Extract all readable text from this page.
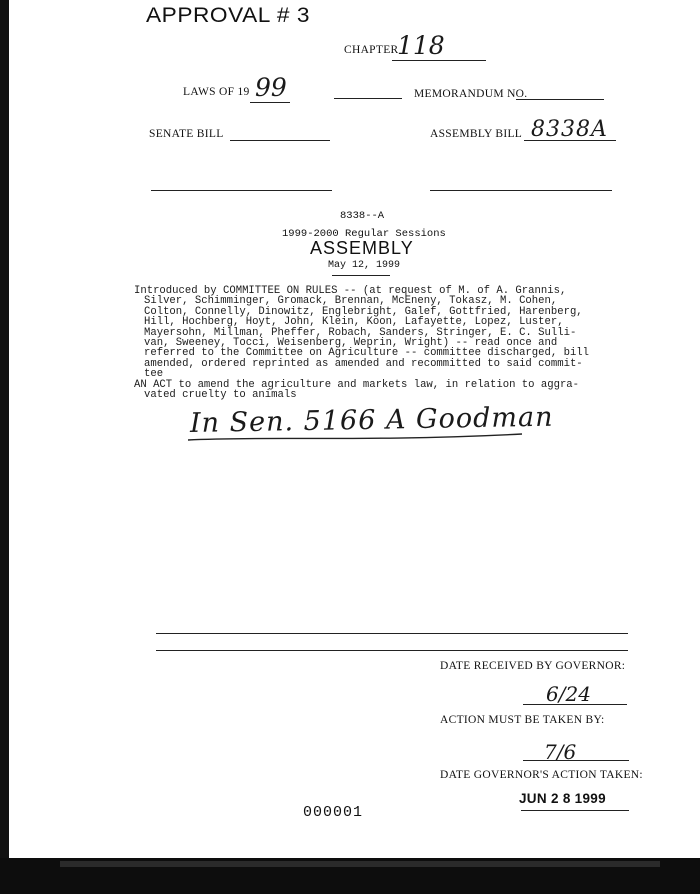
APPROVAL # 3
CHAPTER
118
LAWS OF 19 99	MEMORANDUM NO.
SENATE BILL	ASSEMBLY BILL 8338A
8338--A
1999-2000 Regular Sessions
ASSEMBLY
May 12, 1999
Introduced by COMMITTEE ON RULES -- (at request of M. of A. Grannis,
Silver, Schimminger, Gromack, Brennan, McEneny, Tokasz, M. Cohen,
Colton, Connelly, Dinowitz, Englebright, Galef, Gottfried, Harenberg,
Hill, Hochberg, Hoyt, John, Klein, Koon, Lafayette, Lopez, Luster,
Mayersohn, Millman, Pheffer, Robach, Sanders, Stringer, E. C. Sulli-
van, Sweeney, Tocci, Weisenberg, Weprin, Wright) -- read once and
referred to the Committee on Agriculture -- committee discharged, bill
amended, ordered reprinted as amended and recommitted to said commit-
tee
AN ACT to amend the agriculture and markets law, in relation to aggra-
vated cruelty to animals
In Sen. 5166 A Goodman
DATE RECEIVED BY GOVERNOR:
6/24
ACTION MUST BE TAKEN BY:
7/6
DATE GOVERNOR'S ACTION TAKEN:
JUN 2 8 1999
000001
